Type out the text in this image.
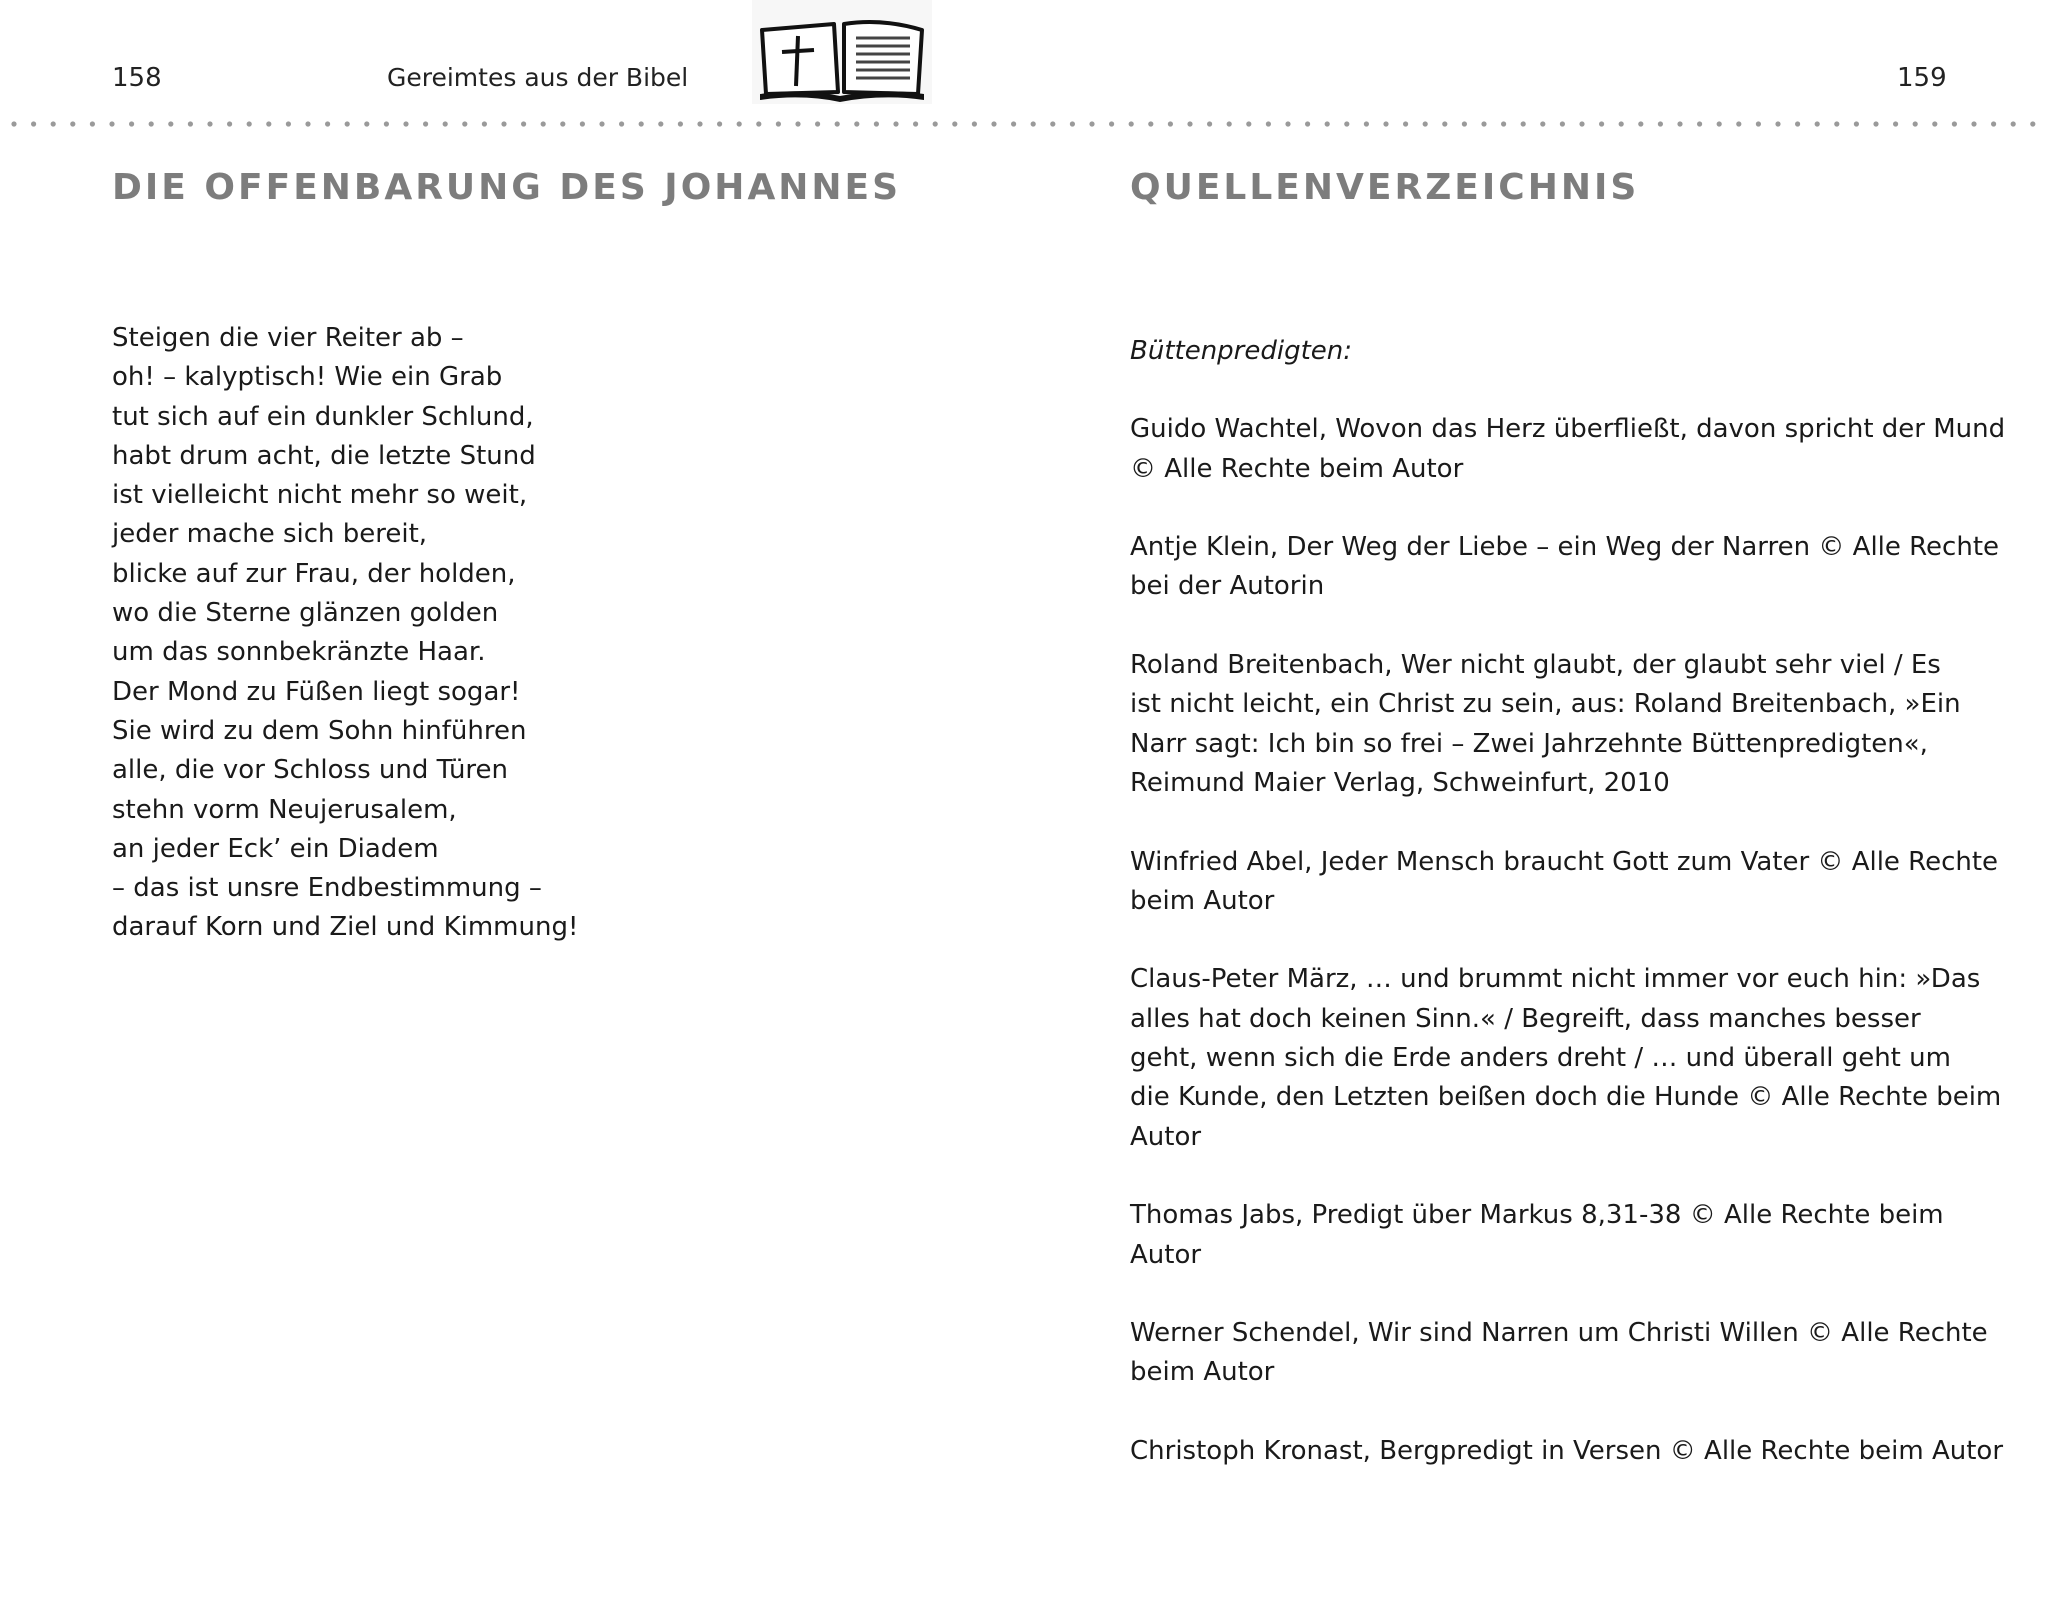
158	Gereimtes aus der Bibel	159
DIE OFFENBARUNG DES JOHANNES	QUELLENVERZEICHNIS
Steigen die vier Reiter ab –
oh! – kalyptisch! Wie ein Grab
tut sich auf ein dunkler Schlund,
habt drum acht, die letzte Stund
ist vielleicht nicht mehr so weit,
jeder mache sich bereit,
blicke auf zur Frau, der holden,
wo die Sterne glänzen golden
um das sonnbekränzte Haar.
Der Mond zu Füßen liegt sogar!
Sie wird zu dem Sohn hinführen
alle, die vor Schloss und Türen
stehn vorm Neujerusalem,
an jeder Eck’ ein Diadem
– das ist unsre Endbestimmung –
darauf Korn und Ziel und Kimmung!
Büttenpredigten:
Guido Wachtel, Wovon das Herz überfließt, davon spricht der Mund
© Alle Rechte beim Autor
Antje Klein, Der Weg der Liebe – ein Weg der Narren © Alle Rechte
bei der Autorin
Roland Breitenbach, Wer nicht glaubt, der glaubt sehr viel / Es
ist nicht leicht, ein Christ zu sein, aus: Roland Breitenbach, »Ein
Narr sagt: Ich bin so frei – Zwei Jahrzehnte Büttenpredigten«,
Reimund Maier Verlag, Schweinfurt, 2010
Winfried Abel, Jeder Mensch braucht Gott zum Vater © Alle Rechte
beim Autor
Claus-Peter März, … und brummt nicht immer vor euch hin: »Das
alles hat doch keinen Sinn.« / Begreift, dass manches besser
geht, wenn sich die Erde anders dreht / … und überall geht um
die Kunde, den Letzten beißen doch die Hunde © Alle Rechte beim
Autor
Thomas Jabs, Predigt über Markus 8,31-38 © Alle Rechte beim
Autor
Werner Schendel, Wir sind Narren um Christi Willen © Alle Rechte
beim Autor
Christoph Kronast, Bergpredigt in Versen © Alle Rechte beim Autor
